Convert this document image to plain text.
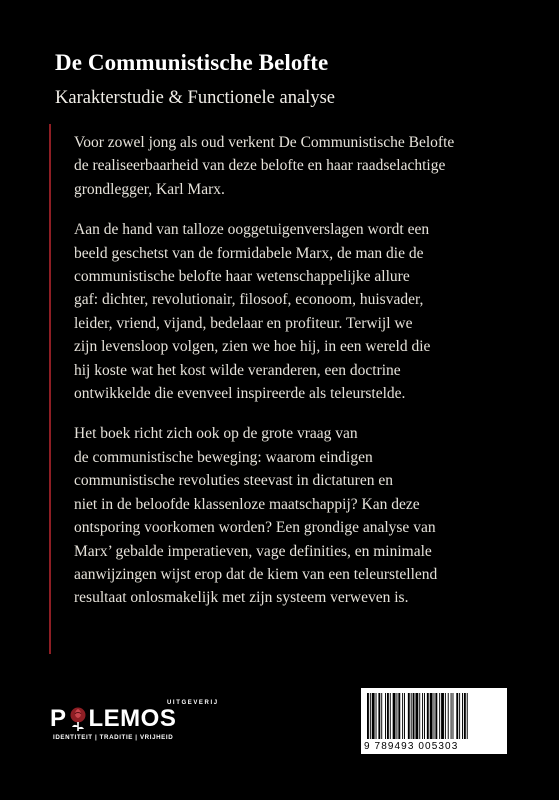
De Communistische Belofte
Karakterstudie & Functionele analyse

Voor zowel jong als oud verkent De Communistische Belofte
de realiseerbaarheid van deze belofte en haar raadselachtige
grondlegger, Karl Marx.

Aan de hand van talloze ooggetuigenverslagen wordt een
beeld geschetst van de formidabele Marx, de man die de
communistische belofte haar wetenschappelijke allure
gaf: dichter, revolutionair, filosoof, econoom, huisvader,
leider, vriend, vijand, bedelaar en profiteur. Terwijl we
zijn levensloop volgen, zien we hoe hij, in een wereld die
hij koste wat het kost wilde veranderen, een doctrine
ontwikkelde die evenveel inspireerde als teleurstelde.

Het boek richt zich ook op de grote vraag van
de communistische beweging: waarom eindigen
communistische revoluties steevast in dictaturen en
niet in de beloofde klassenloze maatschappij? Kan deze
ontsporing voorkomen worden? Een grondige analyse van
Marx’ gebalde imperatieven, vage definities, en minimale
aanwijzingen wijst erop dat de kiem van een teleurstellend
resultaat onlosmakelijk met zijn systeem verweven is.

UITGEVERIJ
P LEMOS
IDENTITEIT | TRADITIE | VRIJHEID
9 789493 005303
